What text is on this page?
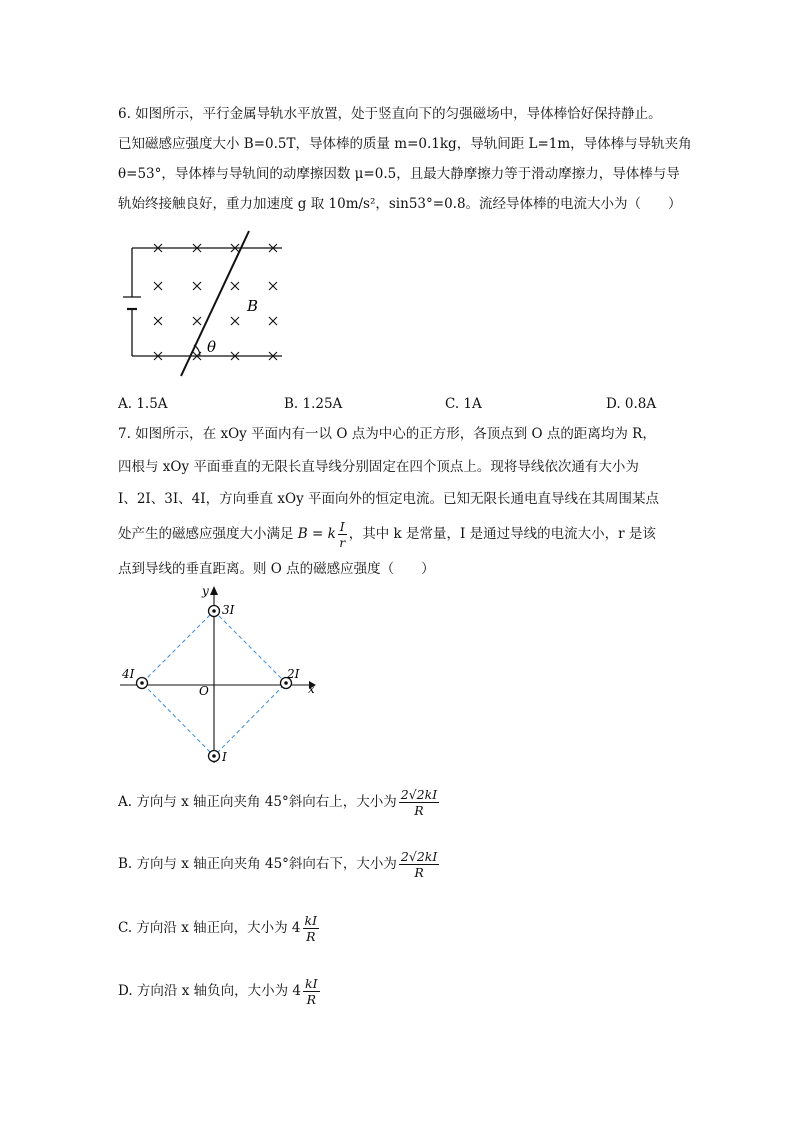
6. 如图所示，平行金属导轨水平放置，处于竖直向下的匀强磁场中，导体棒恰好保持静止。
已知磁感应强度大小 B=0.5T，导体棒的质量 m=0.1kg，导轨间距 L=1m，导体棒与导轨夹角
θ=53°，导体棒与导轨间的动摩擦因数 μ=0.5，且最大静摩擦力等于滑动摩擦力，导体棒与导
轨始终接触良好，重力加速度 g 取 10m/s²，sin53°=0.8。流经导体棒的电流大小为（　　）
B
θ
A. 1.5A	B. 1.25A	C. 1A	D. 0.8A
7. 如图所示，在 xOy 平面内有一以 O 点为中心的正方形，各顶点到 O 点的距离均为 R，
四根与 xOy 平面垂直的无限长直导线分别固定在四个顶点上。现将导线依次通有大小为
I、2I、3I、4I，方向垂直 xOy 平面向外的恒定电流。已知无限长通电直导线在其周围某点
处产生的磁感应强度大小满足 B = k $\frac{I}{r}$ ，其中 k 是常量，I 是通过导线的电流大小，r 是该
点到导线的垂直距离。则 O 点的磁感应强度（　　）
y
x
O
3I
2I
4I
I
A. 方向与 x 轴正向夹角 45°斜向右上，大小为 $\frac{2√2kI}{R}$
B. 方向与 x 轴正向夹角 45°斜向右下，大小为 $\frac{2√2kI}{R}$
C. 方向沿 x 轴正向，大小为 $4 \frac{kI}{R}$
D. 方向沿 x 轴负向，大小为 $4 \frac{kI}{R}$
